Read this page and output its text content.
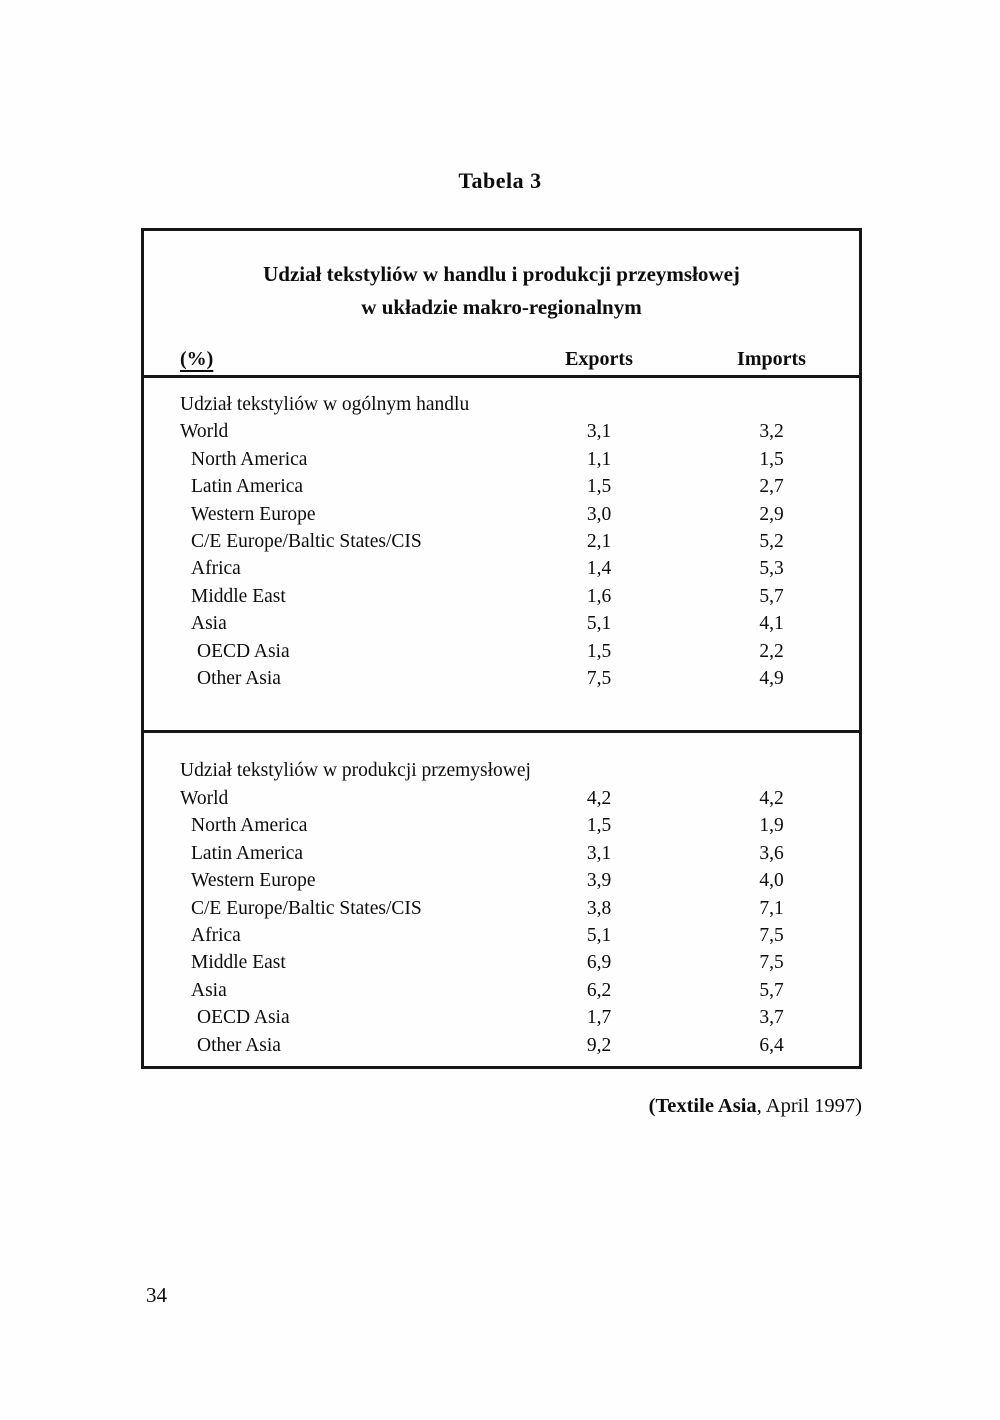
Tabela 3
Udział tekstyliów w handlu i produkcji przeymsłowej
w układzie makro-regionalnym
(%)	Exports	Imports
Udział tekstyliów w ogólnym handlu
World	3,1	3,2
North America	1,1	1,5
Latin America	1,5	2,7
Western Europe	3,0	2,9
C/E Europe/Baltic States/CIS	2,1	5,2
Africa	1,4	5,3
Middle East	1,6	5,7
Asia	5,1	4,1
OECD Asia	1,5	2,2
Other Asia	7,5	4,9
Udział tekstyliów w produkcji przemysłowej
World	4,2	4,2
North America	1,5	1,9
Latin America	3,1	3,6
Western Europe	3,9	4,0
C/E Europe/Baltic States/CIS	3,8	7,1
Africa	5,1	7,5
Middle East	6,9	7,5
Asia	6,2	5,7
OECD Asia	1,7	3,7
Other Asia	9,2	6,4
(Textile Asia, April 1997)
34
